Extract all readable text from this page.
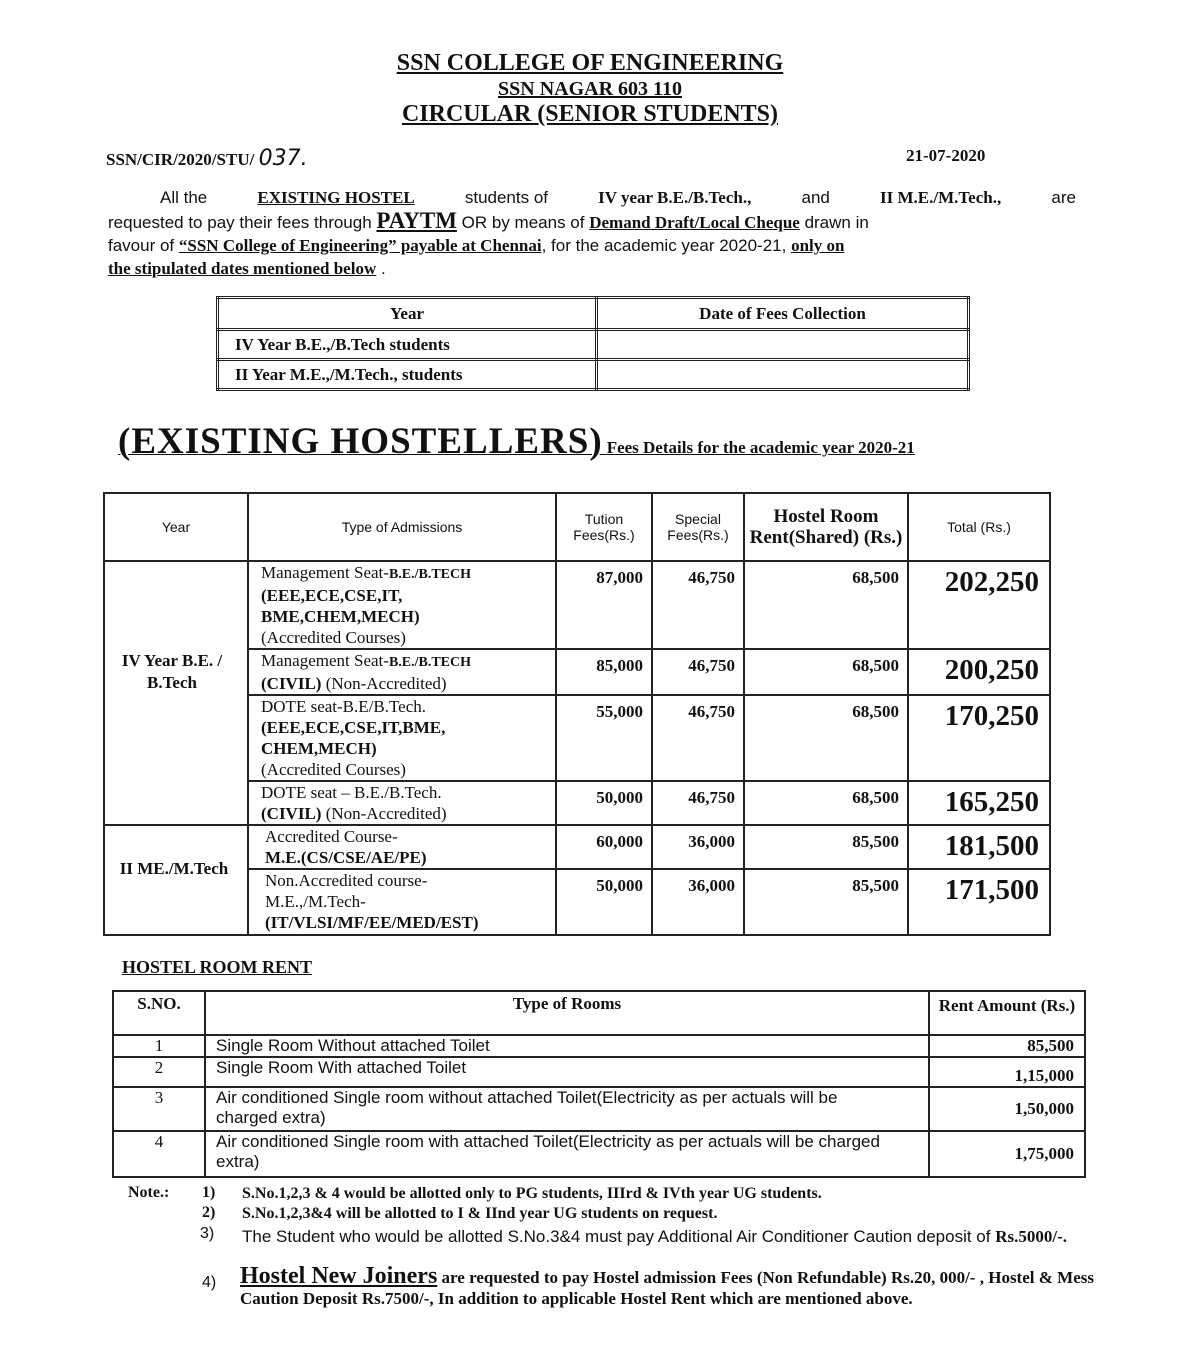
SSN COLLEGE OF ENGINEERING
SSN NAGAR 603 110
CIRCULAR (SENIOR STUDENTS)
SSN/CIR/2020/STU/ 037.	21-07-2020
All the	EXISTING HOSTEL	students of	IV year B.E./B.Tech.,	and	II M.E./M.Tech.,	are
requested to pay their fees through PAYTM OR by means of Demand Draft/Local Cheque drawn in
favour of “SSN College of Engineering” payable at Chennai, for the academic year 2020-21, only on
the stipulated dates mentioned below .
Year	Date of Fees Collection
IV Year B.E.,/B.Tech students	
II Year M.E.,/M.Tech., students	
(EXISTING HOSTELLERS) Fees Details for the academic year 2020-21
Year	Type of Admissions	Tution Fees(Rs.)	Special Fees(Rs.)	Hostel Room Rent(Shared) (Rs.)	Total (Rs.)
IV Year B.E. / B.Tech	Management Seat-B.E./B.TECH
(EEE,ECE,CSE,IT, BME,CHEM,MECH)
(Accredited Courses)	87,000	46,750	68,500	202,250
	Management Seat-B.E./B.TECH
(CIVIL) (Non-Accredited)	85,000	46,750	68,500	200,250
	DOTE seat-B.E/B.Tech.
(EEE,ECE,CSE,IT,BME, CHEM,MECH)
(Accredited Courses)	55,000	46,750	68,500	170,250
	DOTE seat – B.E./B.Tech.
(CIVIL) (Non-Accredited)	50,000	46,750	68,500	165,250
II ME./M.Tech	Accredited Course-
M.E.(CS/CSE/AE/PE)	60,000	36,000	85,500	181,500
	Non.Accredited course-
M.E.,/M.Tech-
(IT/VLSI/MF/EE/MED/EST)	50,000	36,000	85,500	171,500
HOSTEL ROOM RENT
S.NO.	Type of Rooms	Rent Amount (Rs.)
1	Single Room Without attached Toilet	85,500
2	Single Room With attached Toilet	1,15,000
3	Air conditioned Single room without attached Toilet(Electricity as per actuals will be charged extra)	1,50,000
4	Air conditioned Single room with attached Toilet(Electricity as per actuals will be charged extra)	1,75,000
Note.: 1) S.No.1,2,3 & 4 would be allotted only to PG students, IIIrd & IVth year UG students.
2) S.No.1,2,3&4 will be allotted to I & IInd year UG students on request.
3) The Student who would be allotted S.No.3&4 must pay Additional Air Conditioner Caution deposit of Rs.5000/-.
4) Hostel New Joiners are requested to pay Hostel admission Fees (Non Refundable) Rs.20, 000/- , Hostel & Mess Caution Deposit Rs.7500/-, In addition to applicable Hostel Rent which are mentioned above.
